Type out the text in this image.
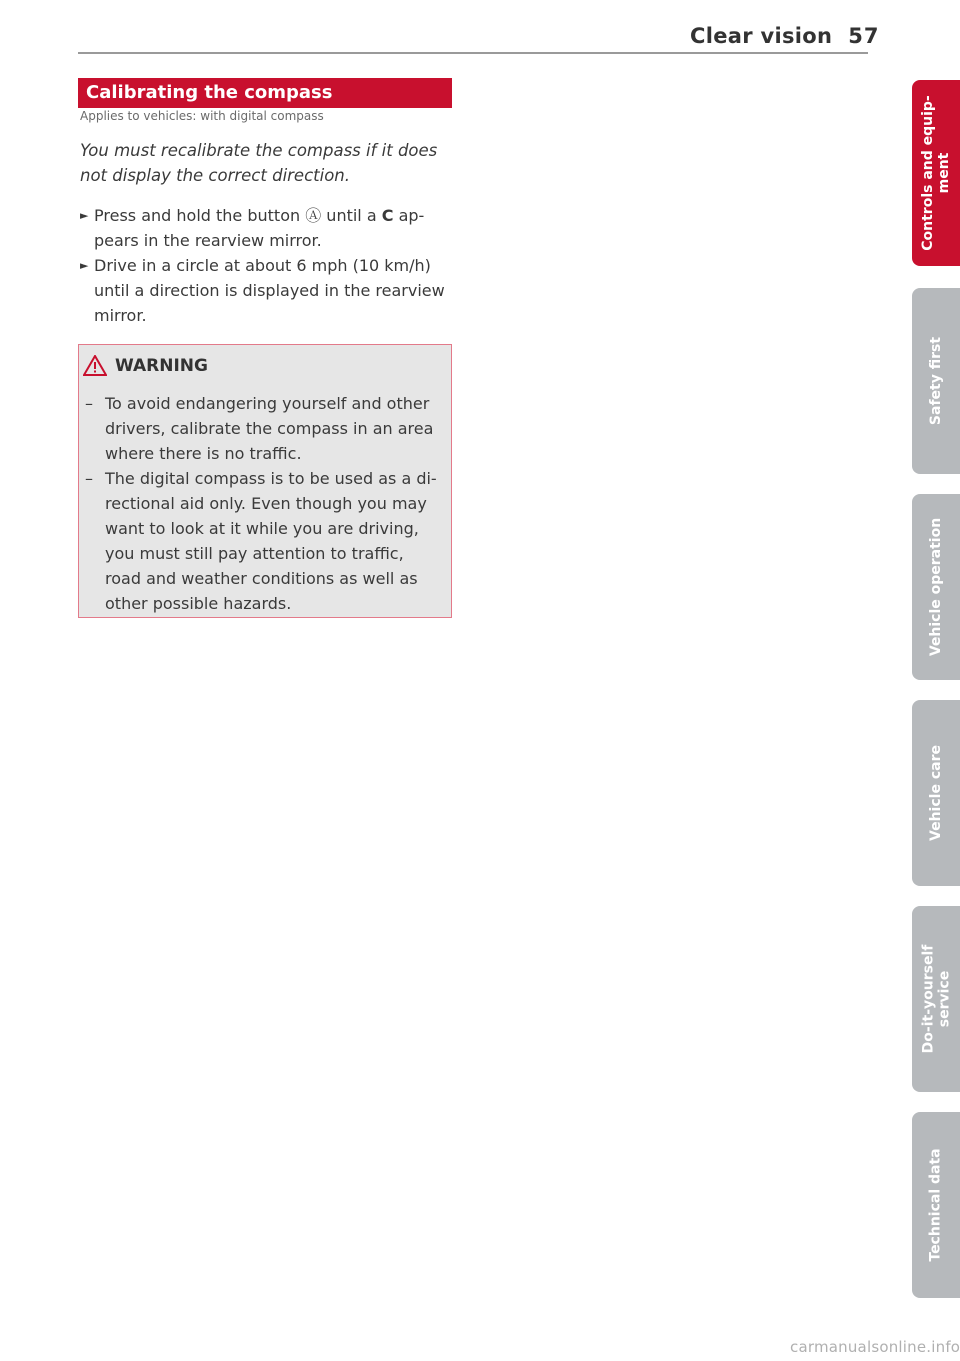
Clear vision 57
Calibrating the compass
Applies to vehicles: with digital compass
You must recalibrate the compass if it does not display the correct direction.
► Press and hold the button Ⓐ until a C ap-pears in the rearview mirror.
► Drive in a circle at about 6 mph (10 km/h) until a direction is displayed in the rearview mirror.
WARNING
– To avoid endangering yourself and other drivers, calibrate the compass in an area where there is no traffic.
– The digital compass is to be used as a di-rectional aid only. Even though you may want to look at it while you are driving, you must still pay attention to traffic, road and weather conditions as well as other possible hazards.
Controls and equip-
ment
Safety first
Vehicle operation
Vehicle care
Do-it-yourself
service
Technical data
carmanualsonline.info
